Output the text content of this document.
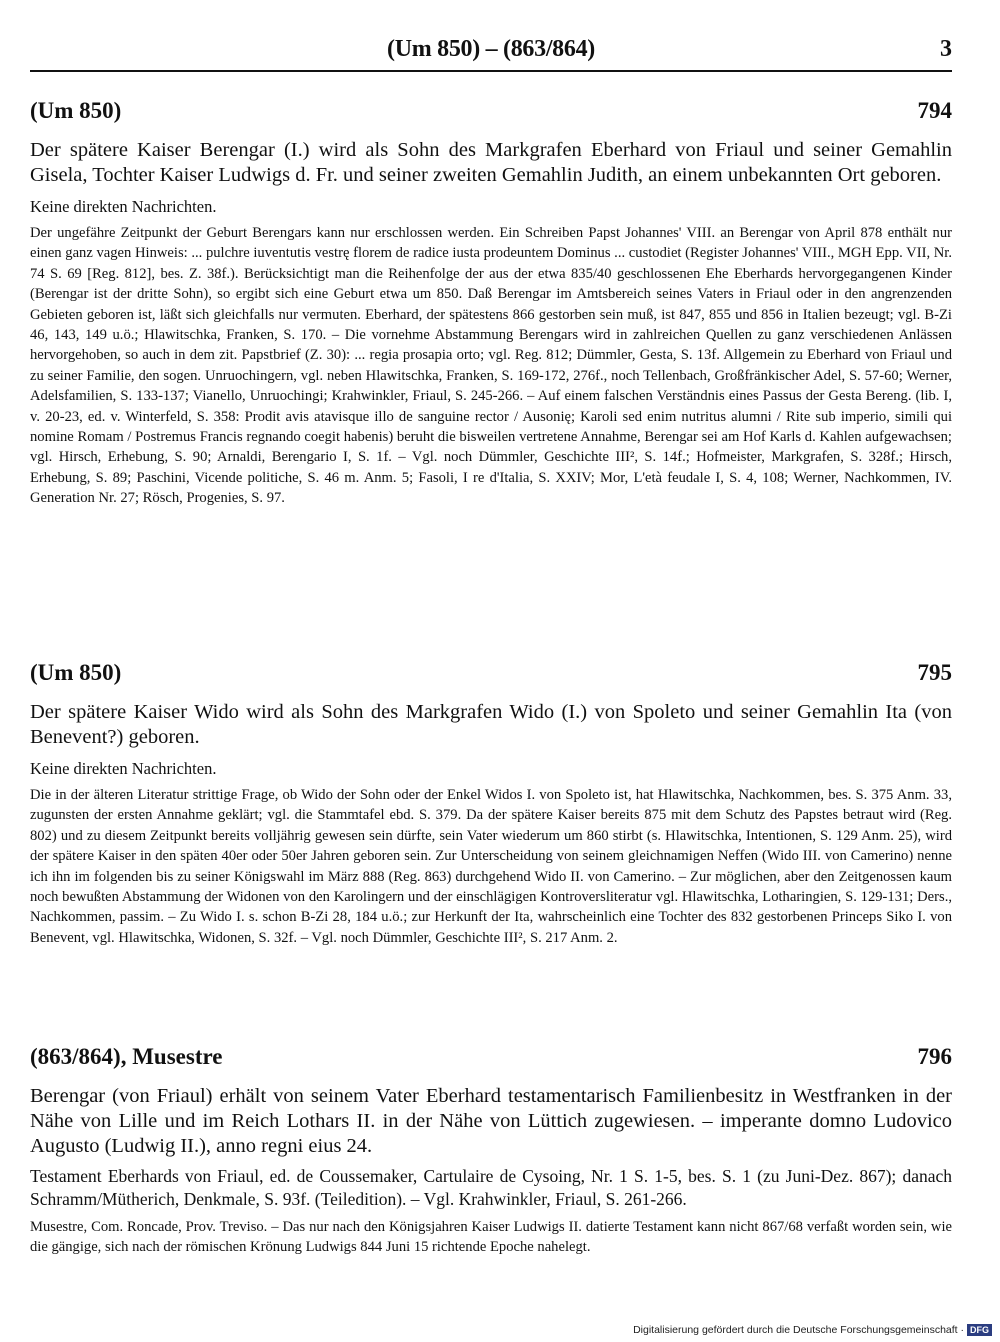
(Um 850) – (863/864)	3
(Um 850)	794

Der spätere Kaiser Berengar (I.) wird als Sohn des Markgrafen Eberhard von Friaul und seiner Gemahlin Gisela, Tochter Kaiser Ludwigs d. Fr. und seiner zweiten Gemahlin Judith, an einem unbekannten Ort geboren.

Keine direkten Nachrichten.

Der ungefähre Zeitpunkt der Geburt Berengars kann nur erschlossen werden. Ein Schreiben Papst Johannes' VIII. an Berengar von April 878 enthält nur einen ganz vagen Hinweis: ... pulchre iuventutis vestrę florem de radice iusta prodeuntem Dominus ... custodiet (Register Johannes' VIII., MGH Epp. VII, Nr. 74 S. 69 [Reg. 812], bes. Z. 38f.). Berücksichtigt man die Reihenfolge der aus der etwa 835/40 geschlossenen Ehe Eberhards hervorgegangenen Kinder (Berengar ist der dritte Sohn), so ergibt sich eine Geburt etwa um 850. Daß Berengar im Amtsbereich seines Vaters in Friaul oder in den angrenzenden Gebieten geboren ist, läßt sich gleichfalls nur vermuten. Eberhard, der spätestens 866 gestorben sein muß, ist 847, 855 und 856 in Italien bezeugt; vgl. B-Zi 46, 143, 149 u.ö.; Hlawitschka, Franken, S. 170. – Die vornehme Abstammung Berengars wird in zahlreichen Quellen zu ganz verschiedenen Anlässen hervorgehoben, so auch in dem zit. Papstbrief (Z. 30): ... regia prosapia orto; vgl. Reg. 812; Dümmler, Gesta, S. 13f. Allgemein zu Eberhard von Friaul und zu seiner Familie, den sogen. Unruochingern, vgl. neben Hlawitschka, Franken, S. 169-172, 276f., noch Tellenbach, Großfränkischer Adel, S. 57-60; Werner, Adelsfamilien, S. 133-137; Vianello, Unruochingi; Krahwinkler, Friaul, S. 245-266. – Auf einem falschen Verständnis eines Passus der Gesta Bereng. (lib. I, v. 20-23, ed. v. Winterfeld, S. 358: Prodit avis atavisque illo de sanguine rector / Ausonię; Karoli sed enim nutritus alumni / Rite sub imperio, simili qui nomine Romam / Postremus Francis regnando coegit habenis) beruht die bisweilen vertretene Annahme, Berengar sei am Hof Karls d. Kahlen aufgewachsen; vgl. Hirsch, Erhebung, S. 90; Arnaldi, Berengario I, S. 1f. – Vgl. noch Dümmler, Geschichte III², S. 14f.; Hofmeister, Markgrafen, S. 328f.; Hirsch, Erhebung, S. 89; Paschini, Vicende politiche, S. 46 m. Anm. 5; Fasoli, I re d'Italia, S. XXIV; Mor, L'età feudale I, S. 4, 108; Werner, Nachkommen, IV. Generation Nr. 27; Rösch, Progenies, S. 97.

(Um 850)	795

Der spätere Kaiser Wido wird als Sohn des Markgrafen Wido (I.) von Spoleto und seiner Gemahlin Ita (von Benevent?) geboren.

Keine direkten Nachrichten.

Die in der älteren Literatur strittige Frage, ob Wido der Sohn oder der Enkel Widos I. von Spoleto ist, hat Hlawitschka, Nachkommen, bes. S. 375 Anm. 33, zugunsten der ersten Annahme geklärt; vgl. die Stammtafel ebd. S. 379. Da der spätere Kaiser bereits 875 mit dem Schutz des Papstes betraut wird (Reg. 802) und zu diesem Zeitpunkt bereits volljährig gewesen sein dürfte, sein Vater wiederum um 860 stirbt (s. Hlawitschka, Intentionen, S. 129 Anm. 25), wird der spätere Kaiser in den späten 40er oder 50er Jahren geboren sein. Zur Unterscheidung von seinem gleichnamigen Neffen (Wido III. von Camerino) nenne ich ihn im folgenden bis zu seiner Königswahl im März 888 (Reg. 863) durchgehend Wido II. von Camerino. – Zur möglichen, aber den Zeitgenossen kaum noch bewußten Abstammung der Widonen von den Karolingern und der einschlägigen Kontroversliteratur vgl. Hlawitschka, Lotharingien, S. 129-131; Ders., Nachkommen, passim. – Zu Wido I. s. schon B-Zi 28, 184 u.ö.; zur Herkunft der Ita, wahrscheinlich eine Tochter des 832 gestorbenen Princeps Siko I. von Benevent, vgl. Hlawitschka, Widonen, S. 32f. – Vgl. noch Dümmler, Geschichte III², S. 217 Anm. 2.

(863/864), Musestre	796

Berengar (von Friaul) erhält von seinem Vater Eberhard testamentarisch Familienbesitz in Westfranken in der Nähe von Lille und im Reich Lothars II. in der Nähe von Lüttich zugewiesen. – imperante domno Ludovico Augusto (Ludwig II.), anno regni eius 24.

Testament Eberhards von Friaul, ed. de Coussemaker, Cartulaire de Cysoing, Nr. 1 S. 1-5, bes. S. 1 (zu Juni-Dez. 867); danach Schramm/Mütherich, Denkmale, S. 93f. (Teiledition). – Vgl. Krahwinkler, Friaul, S. 261-266.

Musestre, Com. Roncade, Prov. Treviso. – Das nur nach den Königsjahren Kaiser Ludwigs II. datierte Testament kann nicht 867/68 verfaßt worden sein, wie die gängige, sich nach der römischen Krönung Ludwigs 844 Juni 15 richtende Epoche nahelegt.

Digitalisierung gefördert durch die Deutsche Forschungsgemeinschaft · DFG
